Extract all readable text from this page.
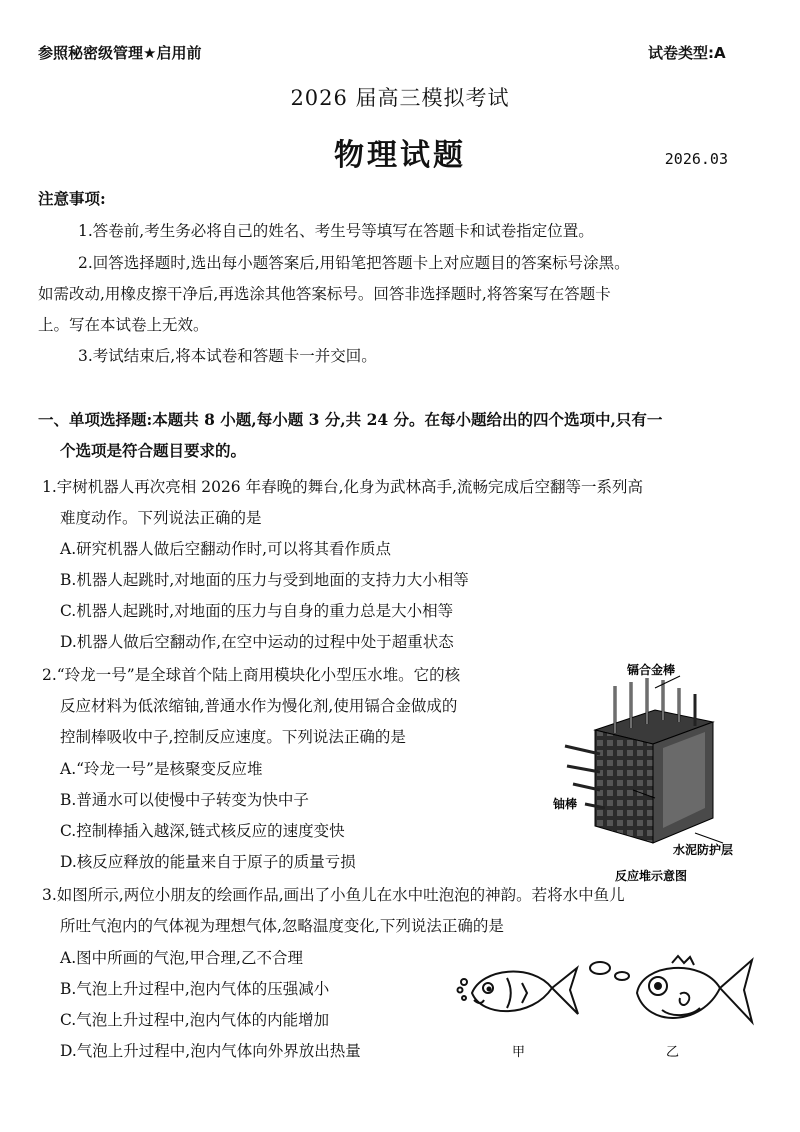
参照秘密级管理★启用前	试卷类型:A
2026 届高三模拟考试
物理试题	2026.03
注意事项:
1.答卷前,考生务必将自己的姓名、考生号等填写在答题卡和试卷指定位置。
2.回答选择题时,选出每小题答案后,用铅笔把答题卡上对应题目的答案标号涂黑。
如需改动,用橡皮擦干净后,再选涂其他答案标号。回答非选择题时,将答案写在答题卡
上。写在本试卷上无效。
3.考试结束后,将本试卷和答题卡一并交回。
一、单项选择题:本题共 8 小题,每小题 3 分,共 24 分。在每小题给出的四个选项中,只有一
个选项是符合题目要求的。
1.宇树机器人再次亮相 2026 年春晚的舞台,化身为武林高手,流畅完成后空翻等一系列高
难度动作。下列说法正确的是
A.研究机器人做后空翻动作时,可以将其看作质点
B.机器人起跳时,对地面的压力与受到地面的支持力大小相等
C.机器人起跳时,对地面的压力与自身的重力总是大小相等
D.机器人做后空翻动作,在空中运动的过程中处于超重状态
2.“玲龙一号”是全球首个陆上商用模块化小型压水堆。它的核
反应材料为低浓缩铀,普通水作为慢化剂,使用镉合金做成的
控制棒吸收中子,控制反应速度。下列说法正确的是
A.“玲龙一号”是核聚变反应堆
B.普通水可以使慢中子转变为快中子
C.控制棒插入越深,链式核反应的速度变快
D.核反应释放的能量来自于原子的质量亏损
镉合金棒
铀棒
水泥防护层
反应堆示意图
3.如图所示,两位小朋友的绘画作品,画出了小鱼儿在水中吐泡泡的神韵。若将水中鱼儿
所吐气泡内的气体视为理想气体,忽略温度变化,下列说法正确的是
A.图中所画的气泡,甲合理,乙不合理
B.气泡上升过程中,泡内气体的压强减小
C.气泡上升过程中,泡内气体的内能增加
D.气泡上升过程中,泡内气体向外界放出热量	甲	乙
